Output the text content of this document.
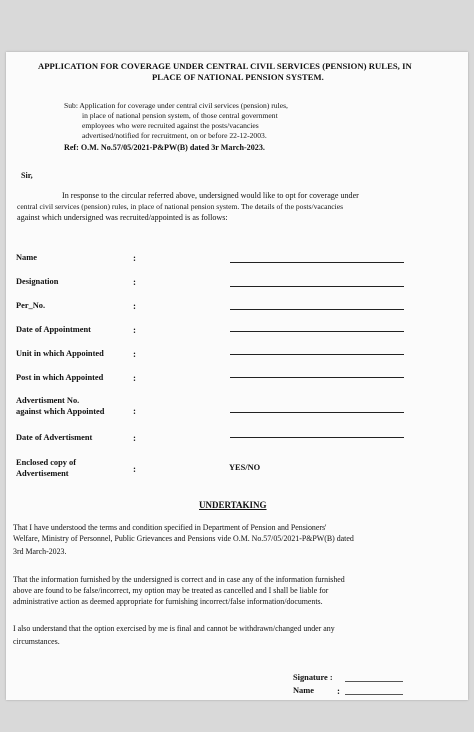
APPLICATION FOR COVERAGE UNDER CENTRAL CIVIL SERVICES (PENSION) RULES, IN
PLACE OF NATIONAL PENSION SYSTEM.
Sub: Application for coverage under central civil services (pension) rules,
in place of national pension system, of those central government
employees who were recruited against the posts/vacancies
advertised/notified for recruitment, on or before 22-12-2003.
Ref: O.M. No.57/05/2021-P&PW(B) dated 3r March-2023.
Sir,
In response to the circular referred above, undersigned would like to opt for coverage under
central civil services (pension) rules, in place of national pension system. The details of the posts/vacancies
against which undersigned was recruited/appointed is as follows:
Name	:
Designation	:
Per_No.	:
Date of Appointment	:
Unit in which Appointed	:
Post in which Appointed	:
Advertisment No.
against which Appointed	:
Date of Advertisment	:
Enclosed copy of
Advertisement	:	YES/NO
UNDERTAKING
That I have understood the terms and condition specified in Department of Pension and Pensioners'
Welfare, Ministry of Personnel, Public Grievances and Pensions vide O.M. No.57/05/2021-P&PW(B) dated
3rd March-2023.
That the information furnished by the undersigned is correct and in case any of the information furnished
above are found to be false/incorrect, my option may be treated as cancelled and I shall be liable for
administrative action as deemed appropriate for furnishing incorrect/false information/documents.
I also understand that the option exercised by me is final and cannot be withdrawn/changed under any
circumstances.
Signature :
Name	:
